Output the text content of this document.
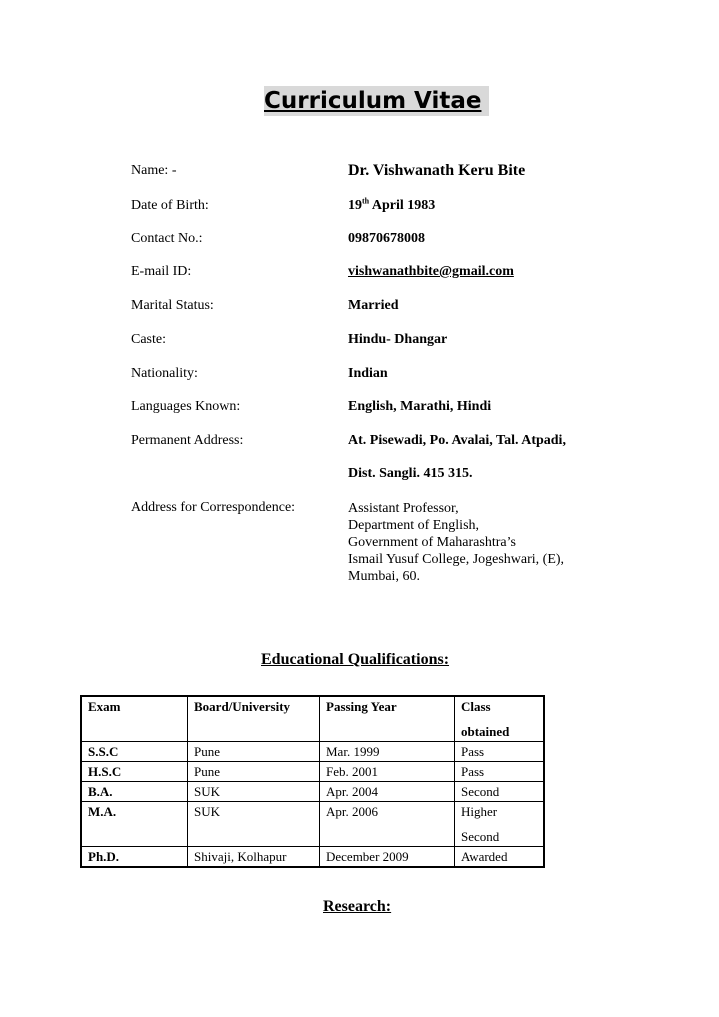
Curriculum Vitae
Name: -	Dr. Vishwanath Keru Bite
Date of Birth:	19th April 1983
Contact No.:	09870678008
E-mail ID:	vishwanathbite@gmail.com
Marital Status:	Married
Caste:	Hindu- Dhangar
Nationality:	Indian
Languages Known:	English, Marathi, Hindi
Permanent Address:	At. Pisewadi, Po. Avalai, Tal. Atpadi,
Dist. Sangli. 415 315.
Address for Correspondence:	Assistant Professor,
Department of English,
Government of Maharashtra’s
Ismail Yusuf College, Jogeshwari, (E),
Mumbai, 60.
Educational Qualifications:
Exam	Board/University	Passing Year	Class
obtained

S.S.C	Pune	Mar. 1999	Pass
H.S.C	Pune	Feb. 2001	Pass
B.A.	SUK	Apr. 2004	Second
M.A.	SUK	Apr. 2006	Higher
Second

Ph.D.	Shivaji, Kolhapur	December 2009	Awarded
Research:
